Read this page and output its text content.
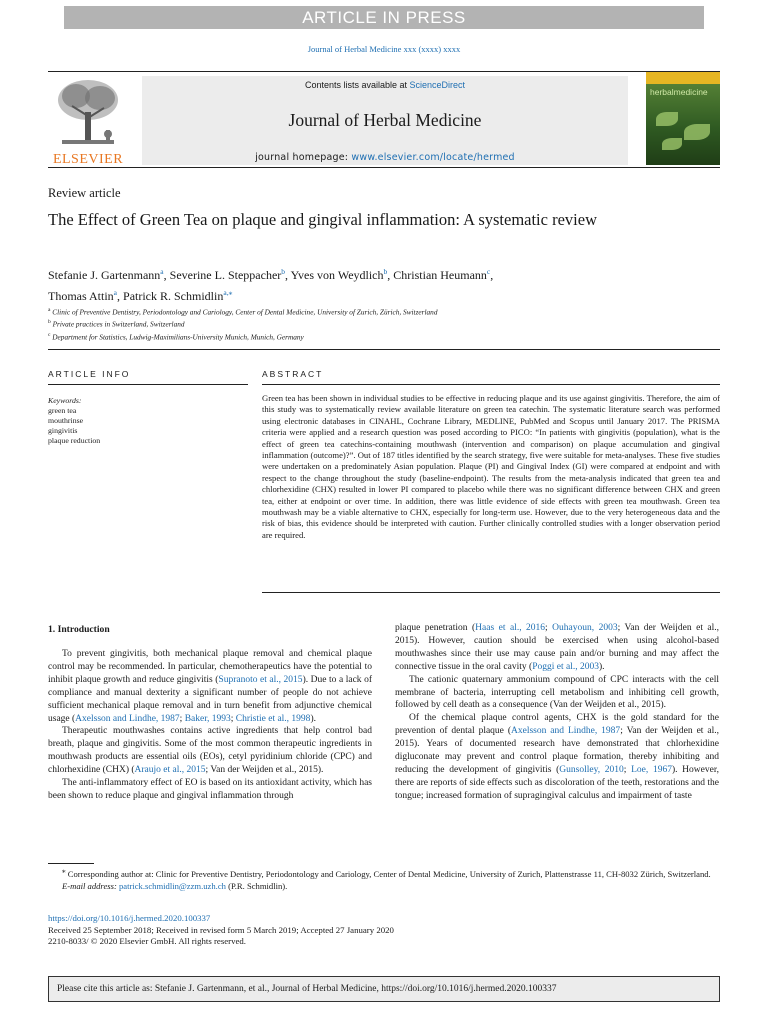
ARTICLE IN PRESS
Journal of Herbal Medicine xxx (xxxx) xxxx
ELSEVIER
Contents lists available at ScienceDirect
Journal of Herbal Medicine
journal homepage: www.elsevier.com/locate/hermed
herbalmedicine
Review article
The Effect of Green Tea on plaque and gingival inflammation: A systematic review
Stefanie J. Gartenmann$^a$, Severine L. Steppacher$^b$, Yves von Weydlich$^b$, Christian Heumann$^c$,
Thomas Attin$^a$, Patrick R. Schmidlin$^{a,⁎}$
$^a$ Clinic of Preventive Dentistry, Periodontology and Cariology, Center of Dental Medicine, University of Zurich, Zürich, Switzerland
$^b$ Private practices in Switzerland, Switzerland
$^c$ Department for Statistics, Ludwig-Maximilians-University Munich, Munich, Germany
ARTICLE INFO	ABSTRACT
Keywords:
green tea
mouthrinse
gingivitis
plaque reduction
Green tea has been shown in individual studies to be effective in reducing plaque and its use against gingivitis. Therefore, the aim of this study was to systematically review available literature on green tea catechin. The systematic literature search was performed using electronic databases in CINAHL, Cochrane Library, MEDLINE, PubMed and Scopus until January 2017. The PRISMA criteria were applied and a research question was posed according to PICO: “In patients with gingivitis (population), what is the effect of green tea catechins-containing mouthwash (intervention and comparison) on plaque accumulation and gingival inflammation (outcome)?”. Out of 187 titles identified by the search strategy, five were suitable for meta-analyses. These five studies were undertaken on a predominately Asian population. Plaque (PI) and Gingival Index (GI) were compared at endpoint and with respect to the change throughout the study (baseline-endpoint). The results from the meta-analysis indicated that green tea and chlorhexidine (CHX) resulted in lower PI compared to placebo while there was no significant difference between CHX and green tea, either at endpoint or over time. In addition, there was little evidence of side effects with green tea mouthwash. Green tea mouthwash may be a viable alternative to CHX, especially for long-term use. However, due to the very heterogeneous data and the risk of bias, this evidence should be interpreted with caution. Further clinically controlled studies with a longer observation period are required.
1. Introduction

To prevent gingivitis, both mechanical plaque removal and chemical plaque control may be recommended. In particular, chemotherapeutics have the potential to inhibit plaque growth and reduce gingivitis (Supranoto et al., 2015). Due to a lack of compliance and manual dexterity a significant number of people do not achieve sufficient mechanical plaque removal and in turn benefit from adjunctive chemical usage (Axelsson and Lindhe, 1987; Baker, 1993; Christie et al., 1998).

Therapeutic mouthwashes contains active ingredients that help control bad breath, plaque and gingivitis. Some of the most common therapeutic ingredients in mouthwash products are essential oils (EOs), cetyl pyridinium chloride (CPC) and chlorhexidine (CHX) (Araujo et al., 2015; Van der Weijden et al., 2015).

The anti-inflammatory effect of EO is based on its antioxidant activity, which has been shown to reduce plaque and gingival inflammation through

plaque penetration (Haas et al., 2016; Ouhayoun, 2003; Van der Weijden et al., 2015). However, caution should be exercised when using alcohol-based mouthwashes since their use may cause pain and/or burning and may affect the connective tissue in the oral cavity (Poggi et al., 2003).

The cationic quaternary ammonium compound of CPC interacts with the cell membrane of bacteria, interrupting cell metabolism and inhibiting cell growth, followed by cell death as a consequence (Van der Weijden et al., 2015).

Of the chemical plaque control agents, CHX is the gold standard for the prevention of dental plaque (Axelsson and Lindhe, 1987; Van der Weijden et al., 2015). Years of documented research have demonstrated that chlorhexidine digluconate may prevent and control plaque formation, thereby inhibiting and reducing the development of gingivitis (Gunsolley, 2010; Loe, 1967). However, there are reports of side effects such as discoloration of the teeth, restorations and the tongue; increased formation of supragingival calculus and impairment of taste

⁎ Corresponding author at: Clinic for Preventive Dentistry, Periodontology and Cariology, Center of Dental Medicine, University of Zurich, Plattenstrasse 11, CH-8032 Zürich, Switzerland.
E-mail address: patrick.schmidlin@zzm.uzh.ch (P.R. Schmidlin).
https://doi.org/10.1016/j.hermed.2020.100337
Received 25 September 2018; Received in revised form 5 March 2019; Accepted 27 January 2020
2210-8033/ © 2020 Elsevier GmbH. All rights reserved.
Please cite this article as: Stefanie J. Gartenmann, et al., Journal of Herbal Medicine, https://doi.org/10.1016/j.hermed.2020.100337
